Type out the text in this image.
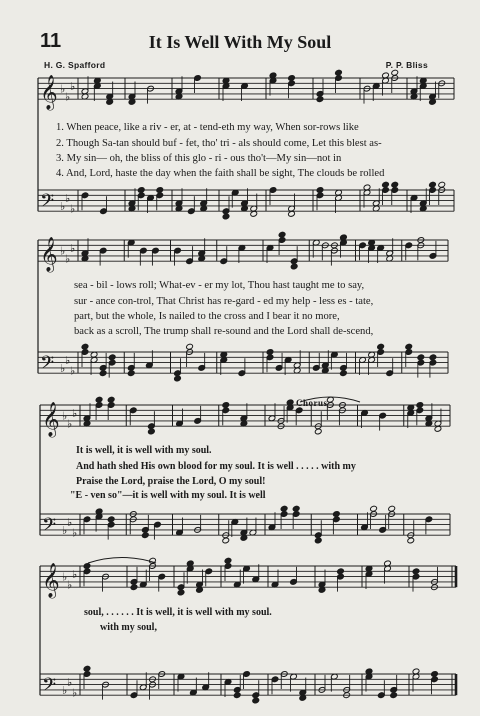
11	It Is Well With My Soul
H. G. Spafford	P. P. Bliss
𝄞 ♭
♭
♭
𝄢 ♭
♭
♭
𝄞 ♭
♭
♭
𝄢 ♭
♭
♭
𝄞 ♭
♭
♭
𝄢 ♭
♭
♭
𝄞 ♭
♭
♭
𝄢 ♭
♭
♭
1. When peace, like a riv - er, at - tend-eth my way, When sor-rows like
2. Though Sa-tan should buf - fet, tho' tri - als should come, Let this blest as-
3. My sin— oh, the bliss of this glo - ri - ous tho't—My sin—not in
4. And, Lord, haste the day when the faith shall be sight, The clouds be rolled
sea - bil - lows roll; What-ev - er my lot, Thou hast taught me to say,
sur - ance con-trol, That Christ has re-gard - ed my help - less es - tate,
part, but the whole, Is nailed to the cross and I bear it no more,
back as a scroll, The trump shall re-sound and the Lord shall de-scend,
Chorus
It is well, it is well with my soul.
And hath shed His own blood for my soul. It is well . . . . . with my
Praise the Lord, praise the Lord, O my soul!
"E - ven so"—it is well with my soul. It is well
soul, . . . . . . It is well, it is well with my soul.
with my soul,
